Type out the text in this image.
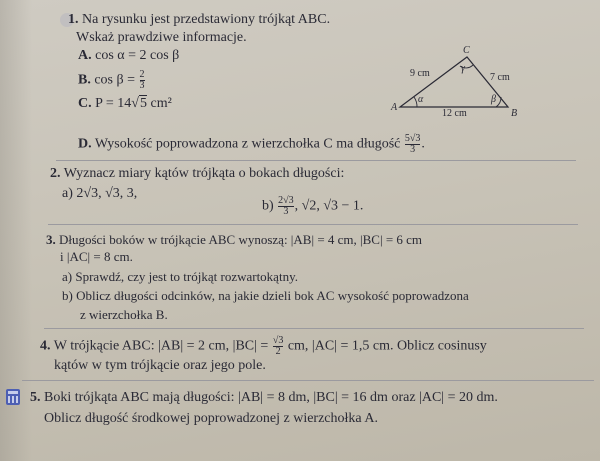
1. Na rysunku jest przedstawiony trójkąt ABC.
Wskaż prawdziwe informacje.
A. cos α = 2 cos β
B. $\cos \beta = \frac{2}{3}$
C. P = 14√5 cm²
D. Wysokość poprowadzona z wierzchołka C ma długość $\frac{5√3}{3}$ .
A
B
C
9 cm	7 cm
12 cm
α	β
γ
2. Wyznacz miary kątów trójkąta o bokach długości:
a) 2√3, √3, 3,
$b) \frac{2√3}{3}$ , √2, √3 − 1.
3. Długości boków w trójkącie ABC wynoszą: |AB| = 4 cm, |BC| = 6 cm
i |AC| = 8 cm.
a) Sprawdź, czy jest to trójkąt rozwartokątny.
b) Oblicz długości odcinków, na jakie dzieli bok AC wysokość poprowadzona
z wierzchołka B.
4. W trójkącie ABC: |AB| = 2 cm, $|BC| = \frac{√3}{2}$ cm, |AC| = 1,5 cm. Oblicz cosinusy
kątów w tym trójkącie oraz jego pole.
5. Boki trójkąta ABC mają długości: |AB| = 8 dm, |BC| = 16 dm oraz |AC| = 20 dm.
Oblicz długość środkowej poprowadzonej z wierzchołka A.
